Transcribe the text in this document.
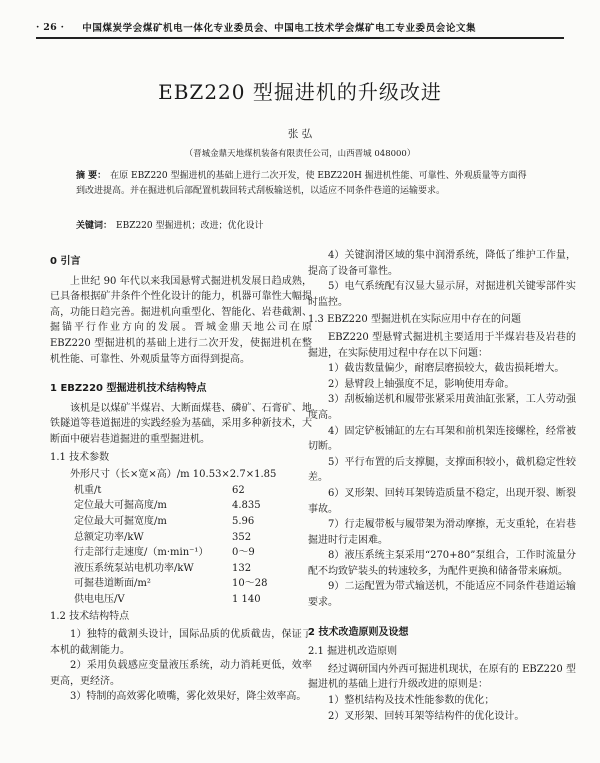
· 26 · 中国煤炭学会煤矿机电一体化专业委员会、中国电工技术学会煤矿电工专业委员会论文集
EBZ220 型掘进机的升级改进
张 弘
（晋城金鼎天地煤机装备有限责任公司，山西晋城 048000）
摘 要： 在原 EBZ220 型掘进机的基础上进行二次开发，使 EBZ220H 掘进机性能、可靠性、外观质量等方面得到改进提高。并在掘进机后部配置机载回转式刮板输送机，以适应不同条件巷道的运输要求。
关键词： EBZ220 型掘进机；改进；优化设计
0 引言

上世纪 90 年代以来我国悬臂式掘进机发展日趋成熟，已具备根据矿井条件个性化设计的能力，机器可靠性大幅提高，功能日趋完善。掘进机向重型化、智能化、岩巷截割、掘锚平行作业方向的发展。晋城金鼎天地公司在原 EBZ220 型掘进机的基础上进行二次开发，使掘进机在整机性能、可靠性、外观质量等方面得到提高。

1 EBZ220 型掘进机技术结构特点

该机是以煤矿半煤岩、大断面煤巷、磷矿、石膏矿、地铁隧道等巷道掘进的实践经验为基础，采用多种新技术，大断面中硬岩巷道掘进的重型掘进机。

1.1 技术参数

外形尺寸（长×宽×高）/m 10.53×2.7×1.85

机重/t	62
定位最大可掘高度/m	4.835
定位最大可掘宽度/m	5.96
总额定功率/kW	352
行走部行走速度/（m·min⁻¹）	0～9
液压系统泵站电机功率/kW	132
可掘巷道断面/m²	10～28
供电电压/V	1 140
1.2 技术结构特点

1）独特的截割头设计，国际品质的优质截齿，保证了本机的截割能力。

2）采用负载感应变量液压系统，动力消耗更低，效率更高，更经济。

3）特制的高效雾化喷嘴，雾化效果好，降尘效率高。

4）关键润滑区域的集中润滑系统，降低了维护工作量，提高了设备可靠性。

5）电气系统配有汉显大显示屏，对掘进机关键零部件实时监控。

1.3 EBZ220 型掘进机在实际应用中存在的问题

EBZ220 型悬臂式掘进机主要适用于半煤岩巷及岩巷的掘进，在实际使用过程中存在以下问题：

1）截齿数量偏少，耐磨层磨损较大，截齿损耗增大。

2）悬臂段上轴强度不足，影响使用寿命。

3）刮板输送机和履带张紧采用黄油缸张紧，工人劳动强度高。

4）固定铲板铺缸的左右耳架和前机架连接螺栓，经常被切断。

5）平行布置的后支撑腿，支撑面积较小，截机稳定性较差。

6）叉形架、回转耳架铸造质量不稳定，出现开裂、断裂事故。

7）行走履带板与履带架为滑动摩擦，无支重轮，在岩巷掘进时行走困难。

8）液压系统主泵采用“270+80”泵组合，工作时流量分配不均致铲装头的转速较多，为配件更换和储备带来麻烦。

9）二运配置为带式输送机，不能适应不同条件巷道运输要求。

2 技术改造原则及设想
2.1 掘进机改造原则

经过调研国内外西可掘进机现状，在原有的 EBZ220 型掘进机的基础上进行升级改进的原则是：

1）整机结构及技术性能参数的优化；

2）叉形架、回转耳架等结构件的优化设计。
